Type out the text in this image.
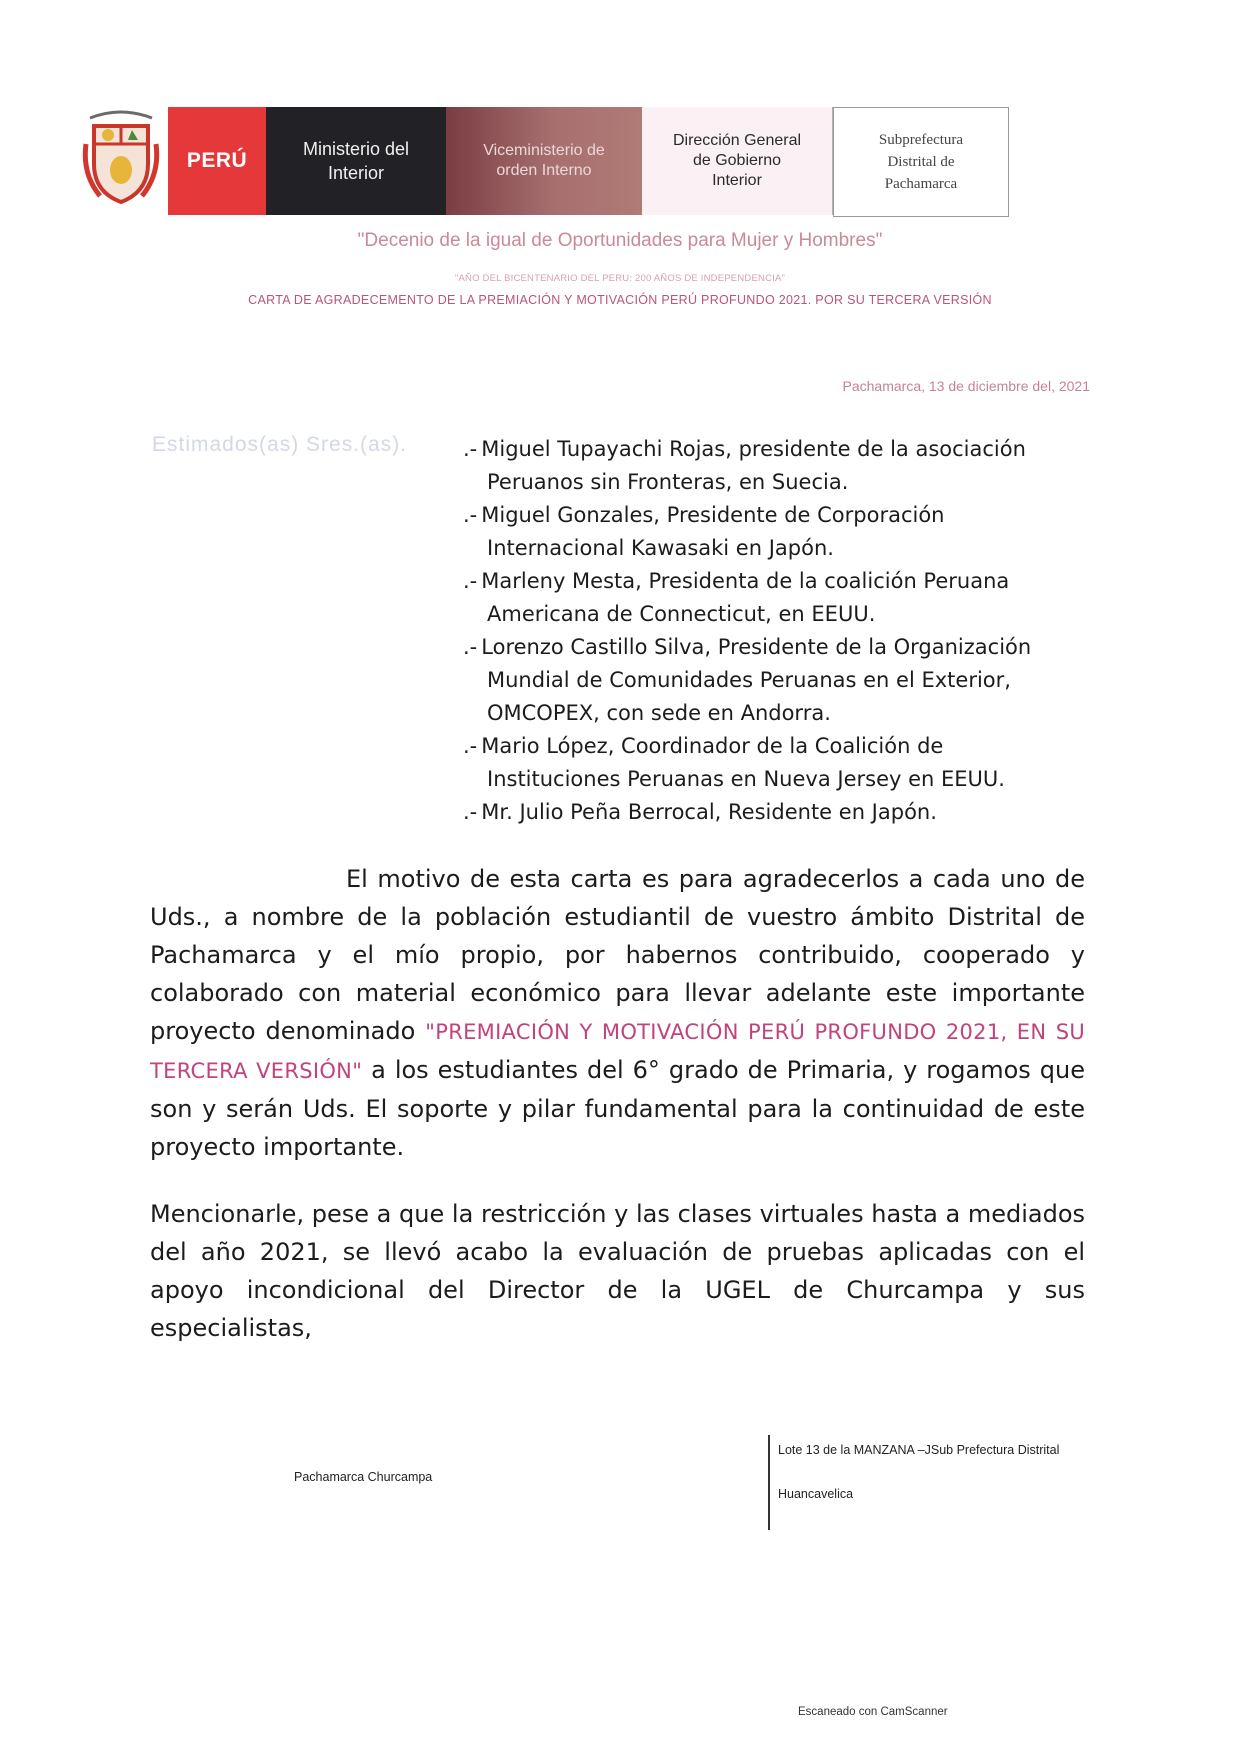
PERÚ	Ministerio del
Interior
Viceministerio de
orden Interno
Dirección General
de Gobierno
Interior
Subprefectura
Distrital de
Pachamarca
"Decenio de la igual de Oportunidades para Mujer y Hombres"
"AÑO DEL BICENTENARIO DEL PERU: 200 AÑOS DE INDEPENDENCIA"
CARTA DE AGRADECEMENTO DE LA PREMIACIÓN Y MOTIVACIÓN PERÚ PROFUNDO 2021. POR SU TERCERA VERSIÓN
Pachamarca, 13 de diciembre del, 2021
Estimados(as) Sres.(as).	.- Miguel Tupayachi Rojas, presidente de la asociación
Peruanos sin Fronteras, en Suecia.
.- Miguel Gonzales, Presidente de Corporación
Internacional Kawasaki en Japón.
.- Marleny Mesta, Presidenta de la coalición Peruana
Americana de Connecticut, en EEUU.
.- Lorenzo Castillo Silva, Presidente de la Organización
Mundial de Comunidades Peruanas en el Exterior,
OMCOPEX, con sede en Andorra.
.- Mario López, Coordinador de la Coalición de
Instituciones Peruanas en Nueva Jersey en EEUU.
.- Mr. Julio Peña Berrocal, Residente en Japón.

El motivo de esta carta es para agradecerlos a cada uno de Uds., a nombre de la población estudiantil de vuestro ámbito Distrital de Pachamarca y el mío propio, por habernos contribuido, cooperado y colaborado con material económico para llevar adelante este importante proyecto denominado "PREMIACIÓN Y MOTIVACIÓN PERÚ PROFUNDO 2021, EN SU TERCERA VERSIÓN" a los estudiantes del 6° grado de Primaria, y rogamos que son y serán Uds. El soporte y pilar fundamental para la continuidad de este proyecto importante.

Mencionarle, pese a que la restricción y las clases virtuales hasta a mediados del año 2021, se llevó acabo la evaluación de pruebas aplicadas con el apoyo incondicional del Director de la UGEL de Churcampa y sus especialistas,

Pachamarca Churcampa
Lote 13 de la MANZANA –JSub Prefectura Distrital
Huancavelica
Escaneado con CamScanner
